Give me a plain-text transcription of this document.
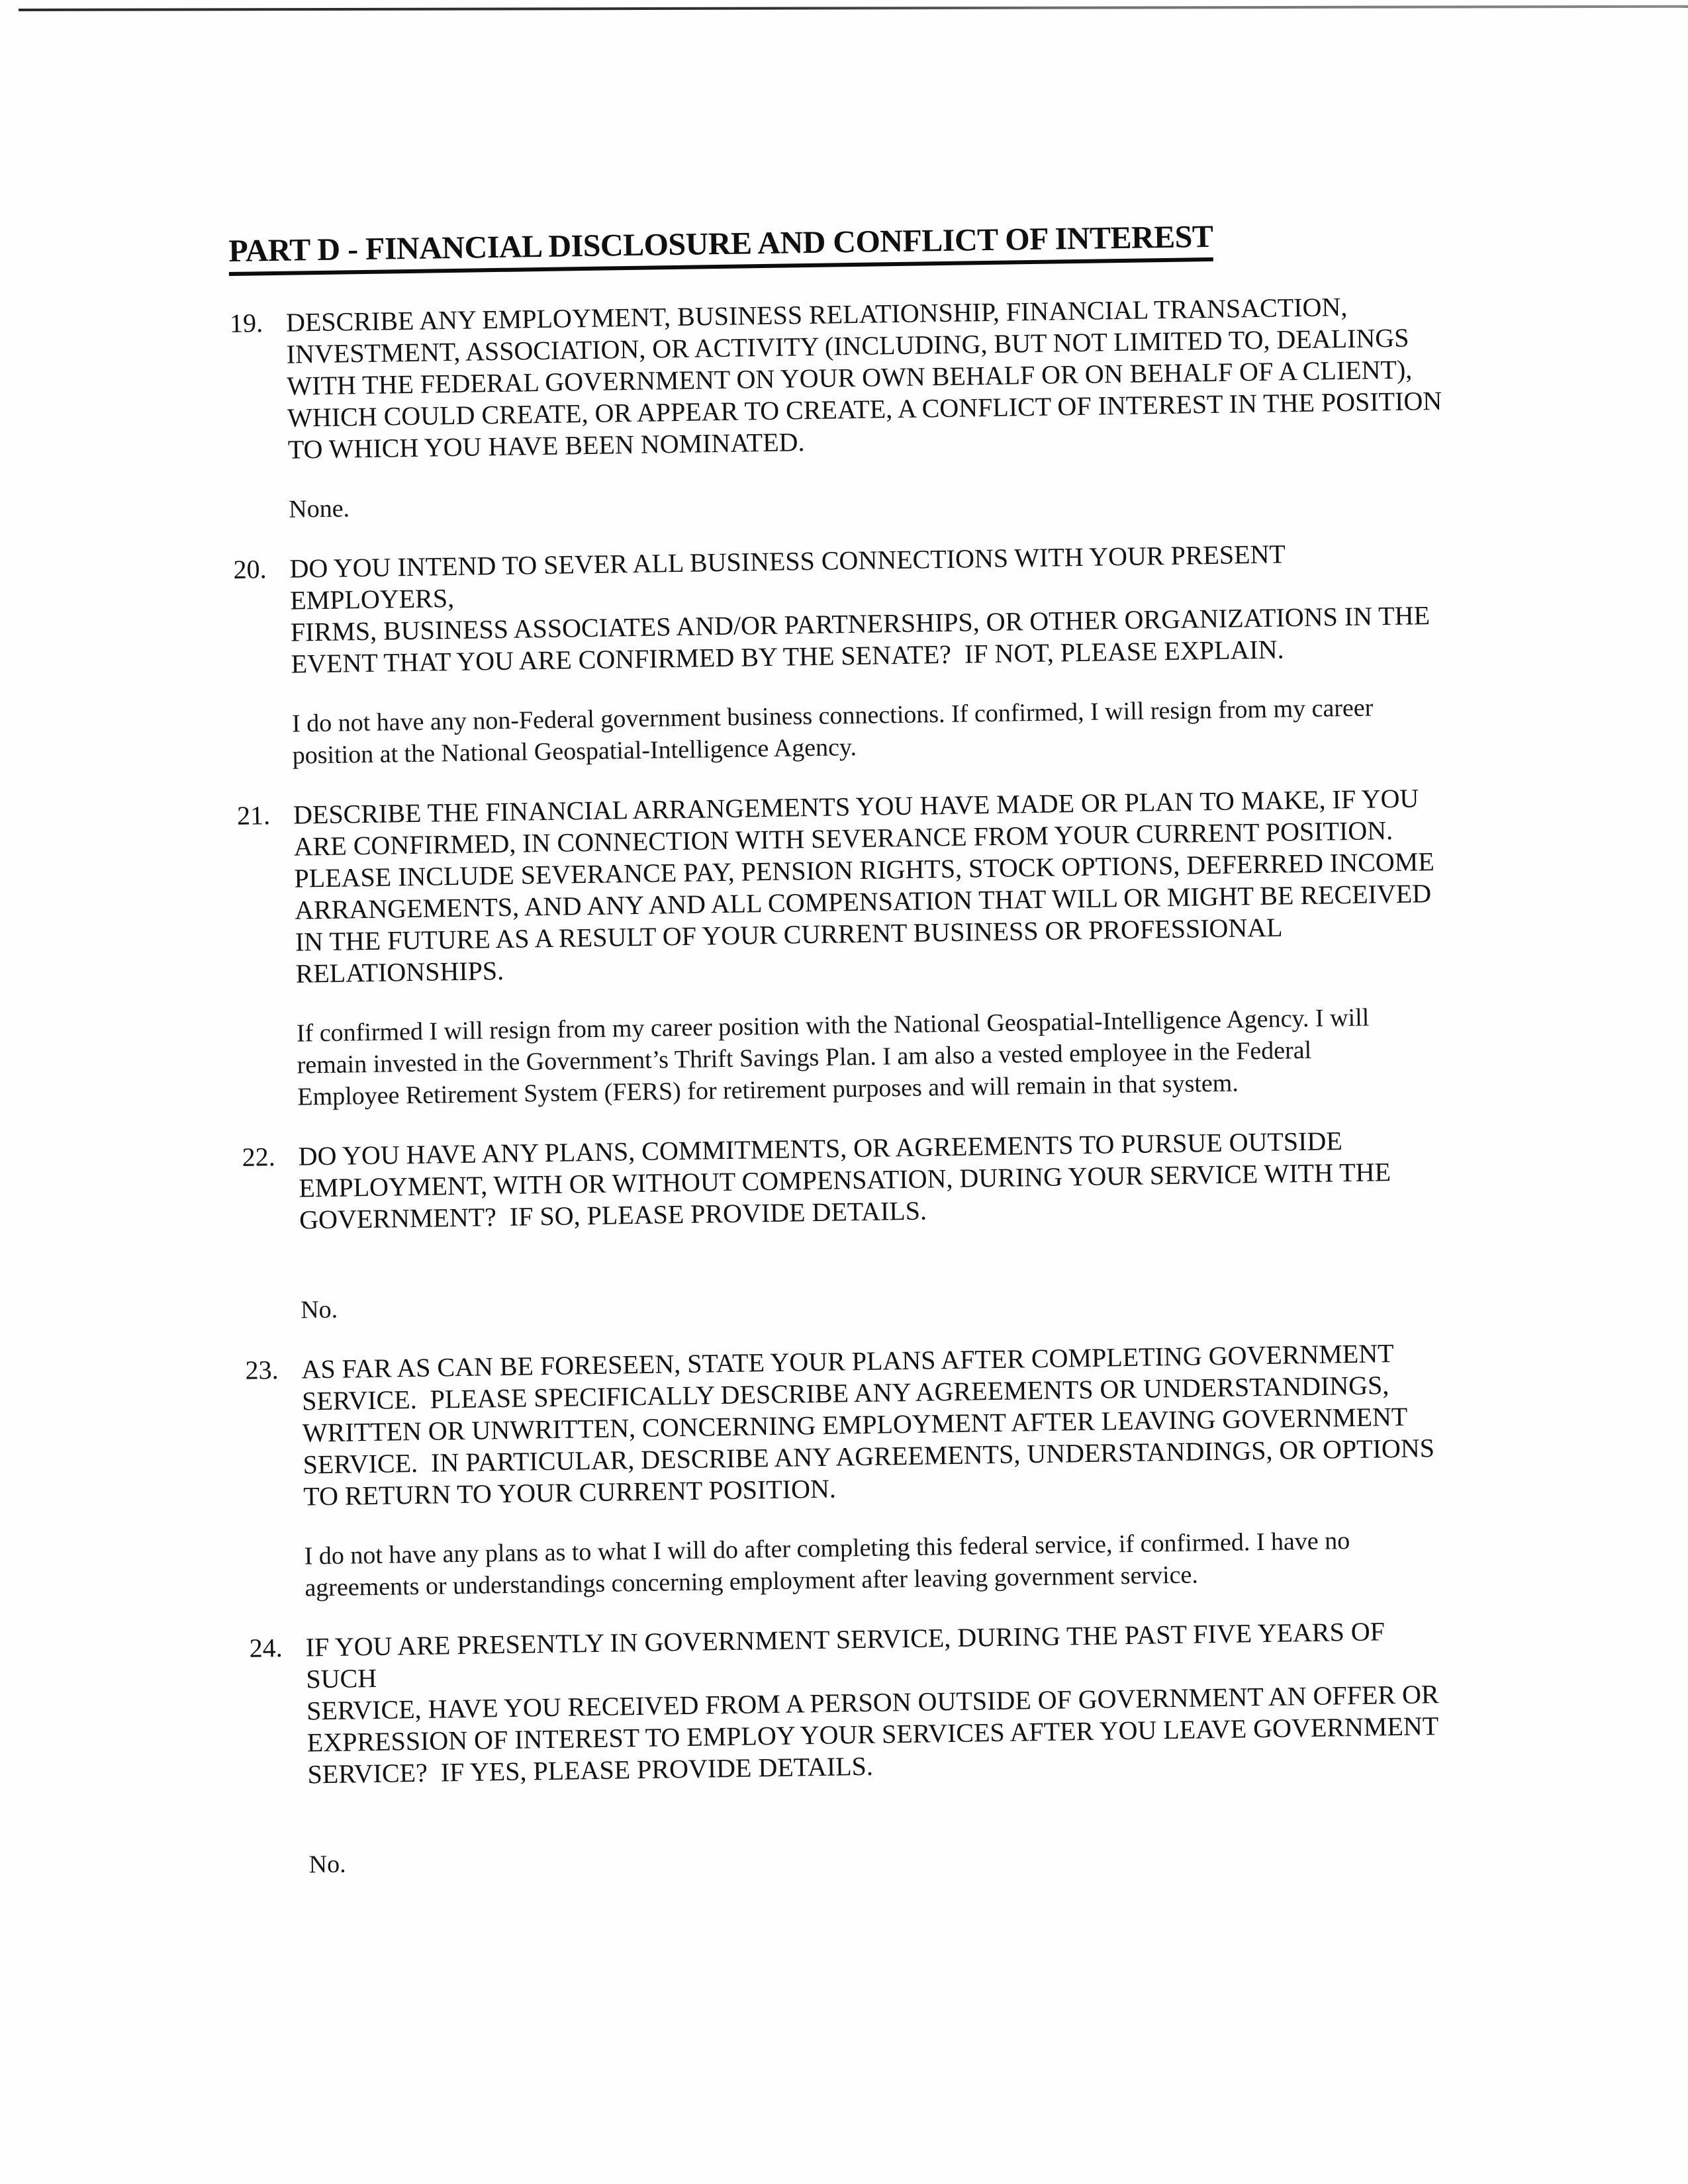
PART D - FINANCIAL DISCLOSURE AND CONFLICT OF INTEREST
19. DESCRIBE ANY EMPLOYMENT, BUSINESS RELATIONSHIP, FINANCIAL TRANSACTION,
INVESTMENT, ASSOCIATION, OR ACTIVITY (INCLUDING, BUT NOT LIMITED TO, DEALINGS
WITH THE FEDERAL GOVERNMENT ON YOUR OWN BEHALF OR ON BEHALF OF A CLIENT),
WHICH COULD CREATE, OR APPEAR TO CREATE, A CONFLICT OF INTEREST IN THE POSITION
TO WHICH YOU HAVE BEEN NOMINATED.
None.
20. DO YOU INTEND TO SEVER ALL BUSINESS CONNECTIONS WITH YOUR PRESENT EMPLOYERS,
FIRMS, BUSINESS ASSOCIATES AND/OR PARTNERSHIPS, OR OTHER ORGANIZATIONS IN THE
EVENT THAT YOU ARE CONFIRMED BY THE SENATE?  IF NOT, PLEASE EXPLAIN.
I do not have any non-Federal government business connections. If confirmed, I will resign from my career
position at the National Geospatial-Intelligence Agency.
21. DESCRIBE THE FINANCIAL ARRANGEMENTS YOU HAVE MADE OR PLAN TO MAKE, IF YOU
ARE CONFIRMED, IN CONNECTION WITH SEVERANCE FROM YOUR CURRENT POSITION.
PLEASE INCLUDE SEVERANCE PAY, PENSION RIGHTS, STOCK OPTIONS, DEFERRED INCOME
ARRANGEMENTS, AND ANY AND ALL COMPENSATION THAT WILL OR MIGHT BE RECEIVED
IN THE FUTURE AS A RESULT OF YOUR CURRENT BUSINESS OR PROFESSIONAL
RELATIONSHIPS.
If confirmed I will resign from my career position with the National Geospatial-Intelligence Agency. I will
remain invested in the Government’s Thrift Savings Plan. I am also a vested employee in the Federal
Employee Retirement System (FERS) for retirement purposes and will remain in that system.
22. DO YOU HAVE ANY PLANS, COMMITMENTS, OR AGREEMENTS TO PURSUE OUTSIDE
EMPLOYMENT, WITH OR WITHOUT COMPENSATION, DURING YOUR SERVICE WITH THE
GOVERNMENT?  IF SO, PLEASE PROVIDE DETAILS.
No.
23. AS FAR AS CAN BE FORESEEN, STATE YOUR PLANS AFTER COMPLETING GOVERNMENT
SERVICE.  PLEASE SPECIFICALLY DESCRIBE ANY AGREEMENTS OR UNDERSTANDINGS,
WRITTEN OR UNWRITTEN, CONCERNING EMPLOYMENT AFTER LEAVING GOVERNMENT
SERVICE.  IN PARTICULAR, DESCRIBE ANY AGREEMENTS, UNDERSTANDINGS, OR OPTIONS
TO RETURN TO YOUR CURRENT POSITION.
I do not have any plans as to what I will do after completing this federal service, if confirmed. I have no
agreements or understandings concerning employment after leaving government service.
24. IF YOU ARE PRESENTLY IN GOVERNMENT SERVICE, DURING THE PAST FIVE YEARS OF SUCH
SERVICE, HAVE YOU RECEIVED FROM A PERSON OUTSIDE OF GOVERNMENT AN OFFER OR
EXPRESSION OF INTEREST TO EMPLOY YOUR SERVICES AFTER YOU LEAVE GOVERNMENT
SERVICE?  IF YES, PLEASE PROVIDE DETAILS.
No.
